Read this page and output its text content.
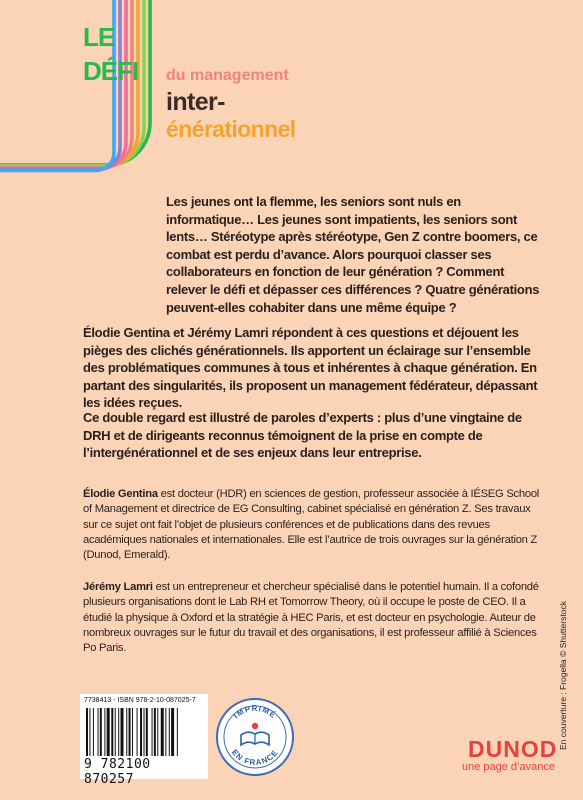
LE
DÉFI du management
inter-
énérationnel

Les jeunes ont la flemme, les seniors sont nuls en informatique… Les jeunes sont impatients, les seniors sont lents… Stéréotype après stéréotype, Gen Z contre boomers, ce combat est perdu d’avance. Alors pourquoi classer ses collaborateurs en fonction de leur génération ? Comment relever le défi et dépasser ces différences ? Quatre générations peuvent-elles cohabiter dans une même équipe ?

Élodie Gentina et Jérémy Lamri répondent à ces questions et déjouent les pièges des clichés générationnels. Ils apportent un éclairage sur l’ensemble des problématiques communes à tous et inhérentes à chaque génération. En partant des singularités, ils proposent un management fédérateur, dépassant les idées reçues.

Ce double regard est illustré de paroles d’experts : plus d’une vingtaine de DRH et de dirigeants reconnus témoignent de la prise en compte de l’intergénérationnel et de ses enjeux dans leur entreprise.

Élodie Gentina est docteur (HDR) en sciences de gestion, professeur associée à IÉSEG School of Management et directrice de EG Consulting, cabinet spécialisé en génération Z. Ses travaux sur ce sujet ont fait l’objet de plusieurs conférences et de publications dans des revues académiques nationales et internationales. Elle est l’autrice de trois ouvrages sur la génération Z (Dunod, Emerald).

Jérémy Lamri est un entrepreneur et chercheur spécialisé dans le potentiel humain. Il a cofondé plusieurs organisations dont le Lab RH et Tomorrow Theory, où il occupe le poste de CEO. Il a étudié la physique à Oxford et la stratégie à HEC Paris, et est docteur en psychologie. Auteur de nombreux ouvrages sur le futur du travail et des organisations, il est professeur affilié à Sciences Po Paris.

7738413 - ISBN 978-2-10-087025-7
9 782100 870257
IMPRIMÉ
EN FRANCE	DUNOD
une page d’avance
En couverture : Frogella © Shutterstock
